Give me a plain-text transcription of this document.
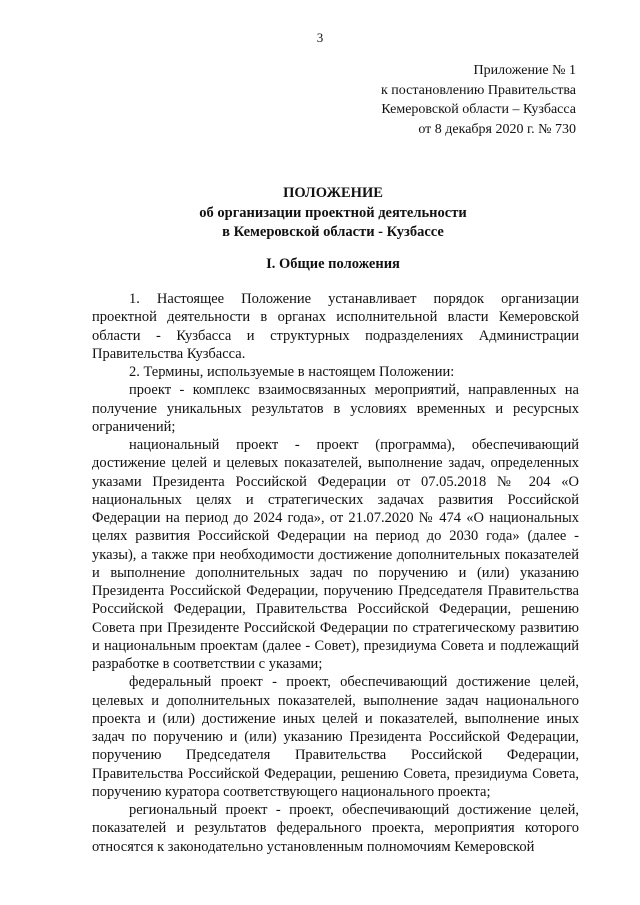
3
Приложение № 1
к постановлению Правительства
Кемеровской области – Кузбасса
от 8 декабря 2020 г. № 730
ПОЛОЖЕНИЕ
об организации проектной деятельности
в Кемеровской области - Кузбассе
I. Общие положения

1. Настоящее Положение устанавливает порядок организации проектной деятельности в органах исполнительной власти Кемеровской области - Кузбасса и структурных подразделениях Администрации Правительства Кузбасса.

2. Термины, используемые в настоящем Положении:

проект - комплекс взаимосвязанных мероприятий, направленных на получение уникальных результатов в условиях временных и ресурсных ограничений;

национальный проект - проект (программа), обеспечивающий достижение целей и целевых показателей, выполнение задач, определенных указами Президента Российской Федерации от 07.05.2018 № 204 «О национальных целях и стратегических задачах развития Российской Федерации на период до 2024 года», от 21.07.2020 № 474 «О национальных целях развития Российской Федерации на период до 2030 года» (далее - указы), а также при необходимости достижение дополнительных показателей и выполнение дополнительных задач по поручению и (или) указанию Президента Российской Федерации, поручению Председателя Правительства Российской Федерации, Правительства Российской Федерации, решению Совета при Президенте Российской Федерации по стратегическому развитию и национальным проектам (далее - Совет), президиума Совета и подлежащий разработке в соответствии с указами;

федеральный проект - проект, обеспечивающий достижение целей, целевых и дополнительных показателей, выполнение задач национального проекта и (или) достижение иных целей и показателей, выполнение иных задач по поручению и (или) указанию Президента Российской Федерации, поручению Председателя Правительства Российской Федерации, Правительства Российской Федерации, решению Совета, президиума Совета, поручению куратора соответствующего национального проекта;

региональный проект - проект, обеспечивающий достижение целей, показателей и результатов федерального проекта, мероприятия которого относятся к законодательно установленным полномочиям Кемеровской
